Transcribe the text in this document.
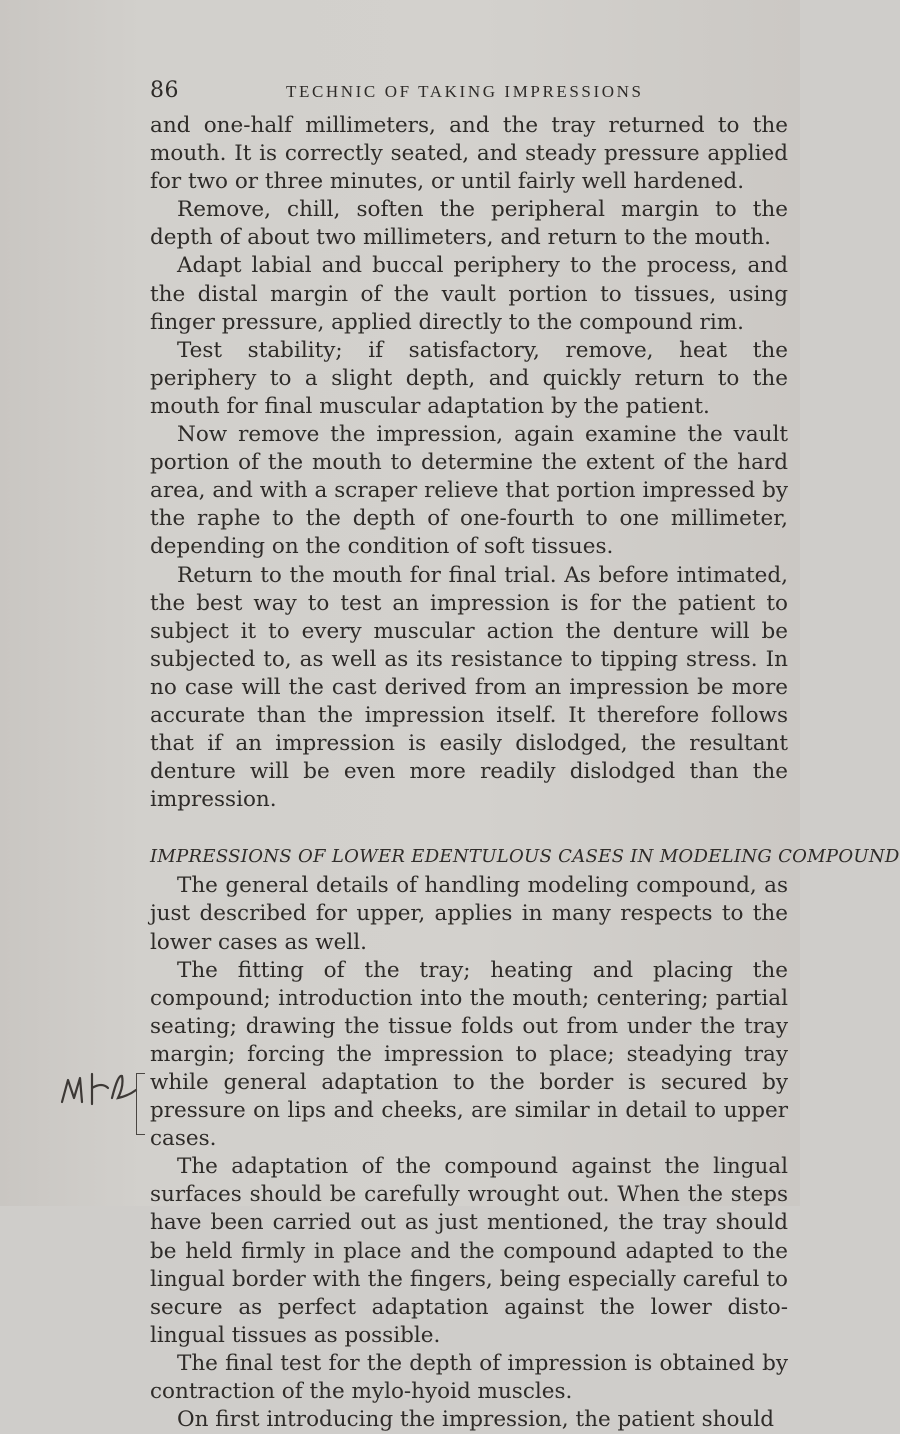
86	TECHNIC OF TAKING IMPRESSIONS

and one-half millimeters, and the tray returned to the mouth. It is correctly seated, and steady pressure applied for two or three minutes, or until fairly well hardened.

Remove, chill, soften the peripheral margin to the depth of about two millimeters, and return to the mouth.

Adapt labial and buccal periphery to the process, and the distal margin of the vault portion to tissues, using finger pressure, applied directly to the compound rim.

Test stability; if satisfactory, remove, heat the periphery to a slight depth, and quickly return to the mouth for final muscular adaptation by the patient.

Now remove the impression, again examine the vault portion of the mouth to determine the extent of the hard area, and with a scraper relieve that portion impressed by the raphe to the depth of one-fourth to one millimeter, depending on the condition of soft tissues.

Return to the mouth for final trial. As before intimated, the best way to test an impression is for the patient to subject it to every muscular action the denture will be subjected to, as well as its resistance to tipping stress. In no case will the cast derived from an impression be more accurate than the impression itself. It therefore follows that if an impression is easily dislodged, the resultant denture will be even more readily dislodged than the impression.

IMPRESSIONS OF LOWER EDENTULOUS CASES IN MODELING COMPOUND

The general details of handling modeling compound, as just described for upper, applies in many respects to the lower cases as well.

The fitting of the tray; heating and placing the compound; introduction into the mouth; centering; partial seating; drawing the tissue folds out from under the tray margin; forcing the impression to place; steadying tray while general adaptation to the border is secured by pressure on lips and cheeks, are similar in detail to upper cases.

The adaptation of the compound against the lingual surfaces should be carefully wrought out. When the steps have been carried out as just mentioned, the tray should be held firmly in place and the compound adapted to the lingual border with the fingers, being especially careful to secure as perfect adaptation against the lower disto-lingual tissues as possible.

The final test for the depth of impression is obtained by contraction of the mylo-hyoid muscles.

On first introducing the impression, the patient should
